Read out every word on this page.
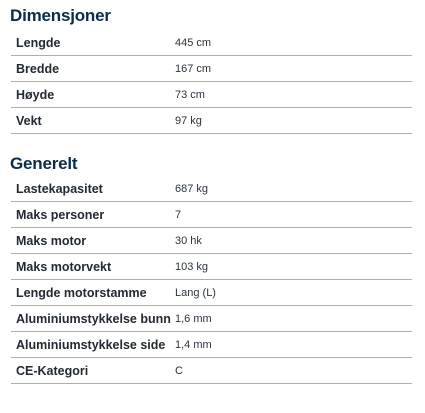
Dimensjoner
Lengde	445 cm
Bredde	167 cm
Høyde	73 cm
Vekt	97 kg
Generelt
Lastekapasitet	687 kg
Maks personer	7
Maks motor	30 hk
Maks motorvekt	103 kg
Lengde motorstamme	Lang (L)
Aluminiumstykkelse bunn 1,6 mm
Aluminiumstykkelse side 1,4 mm
CE-Kategori	C
